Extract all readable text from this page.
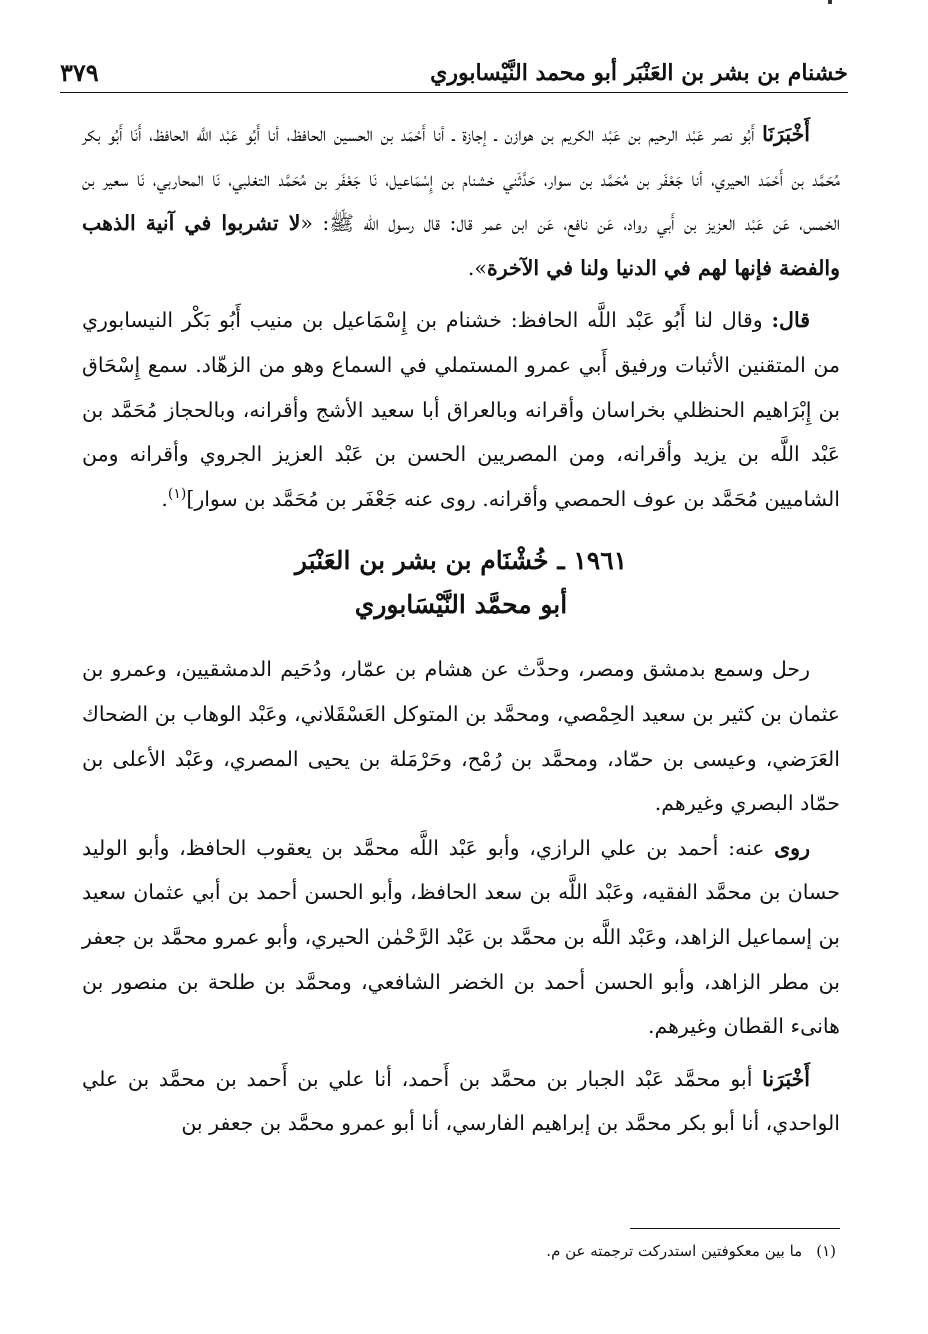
خشنام بن بشر بن العَنْبَر أبو محمد النَّيْسابوري
٣٧٩

أَخْبَرَنَا أَبُو نصر عَبْد الرحيم بن عَبْد الكريم بن هوازن ـ إجازة ـ أنا أَحْمَد بن الحسين الحافظ، أنا أَبُو عَبْد اللَّه الحافظ، أَنَا أَبُو بكر مُحَمَّد بن أَحْمَد الحيري، أنا جَعْفَر بن مُحَمَّد بن سوار، حَدَّثَني خشنام بن إِسْمَاعيل، نَا جَعْفَر بن مُحَمَّد التغلبي، نَا المحاربي، نَا سعير بن الخمس، عَن عَبْد العزيز بن أَبي رواد، عَن نافع، عَن ابن عمر قال: قال رسول الله ﷺ: «لا تشربوا في آنية الذهب والفضة فإنها لهم في الدنيا ولنا في الآخرة».

قال: وقال لنا أَبُو عَبْد اللَّه الحافظ: خشنام بن إِسْمَاعيل بن منيب أَبُو بَكْر النيسابوري من المتقنين الأثبات ورفيق أَبي عمرو المستملي في السماع وهو من الزهّاد. سمع إِسْحَاق بن إِبْرَاهيم الحنظلي بخراسان وأقرانه وبالعراق أبا سعيد الأشج وأقرانه، وبالحجاز مُحَمَّد بن عَبْد اللَّه بن يزيد وأقرانه، ومن المصريين الحسن بن عَبْد العزيز الجروي وأقرانه ومن الشاميين مُحَمَّد بن عوف الحمصي وأقرانه. روى عنه جَعْفَر بن مُحَمَّد بن سوار]$^{(١)}$.

١٩٦١ ـ خُشْنَام بن بشر بن العَنْبَر
أبو محمَّد النَّيْسَابوري

رحل وسمع بدمشق ومصر، وحدَّث عن هشام بن عمّار، ودُحَيم الدمشقيين، وعمرو بن عثمان بن كثير بن سعيد الحِمْصي، ومحمَّد بن المتوكل العَسْقَلاني، وعَبْد الوهاب بن الضحاك العَرَضي، وعيسى بن حمّاد، ومحمَّد بن رُمْح، وحَرْمَلة بن يحيى المصري، وعَبْد الأعلى بن حمّاد البصري وغيرهم.

روى عنه: أحمد بن علي الرازي، وأبو عَبْد اللَّه محمَّد بن يعقوب الحافظ، وأبو الوليد حسان بن محمَّد الفقيه، وعَبْد اللَّه بن سعد الحافظ، وأبو الحسن أحمد بن أبي عثمان سعيد بن إسماعيل الزاهد، وعَبْد اللَّه بن محمَّد بن عَبْد الرَّحْمٰن الحيري، وأبو عمرو محمَّد بن جعفر بن مطر الزاهد، وأبو الحسن أحمد بن الخضر الشافعي، ومحمَّد بن طلحة بن منصور بن هانىء القطان وغيرهم.

أَخْبَرَنا أبو محمَّد عَبْد الجبار بن محمَّد بن أَحمد، أنا علي بن أَحمد بن محمَّد بن علي الواحدي، أنا أبو بكر محمَّد بن إبراهيم الفارسي، أنا أبو عمرو محمَّد بن جعفر بن

(١)ما بين معكوفتين استدركت ترجمته عن م.
